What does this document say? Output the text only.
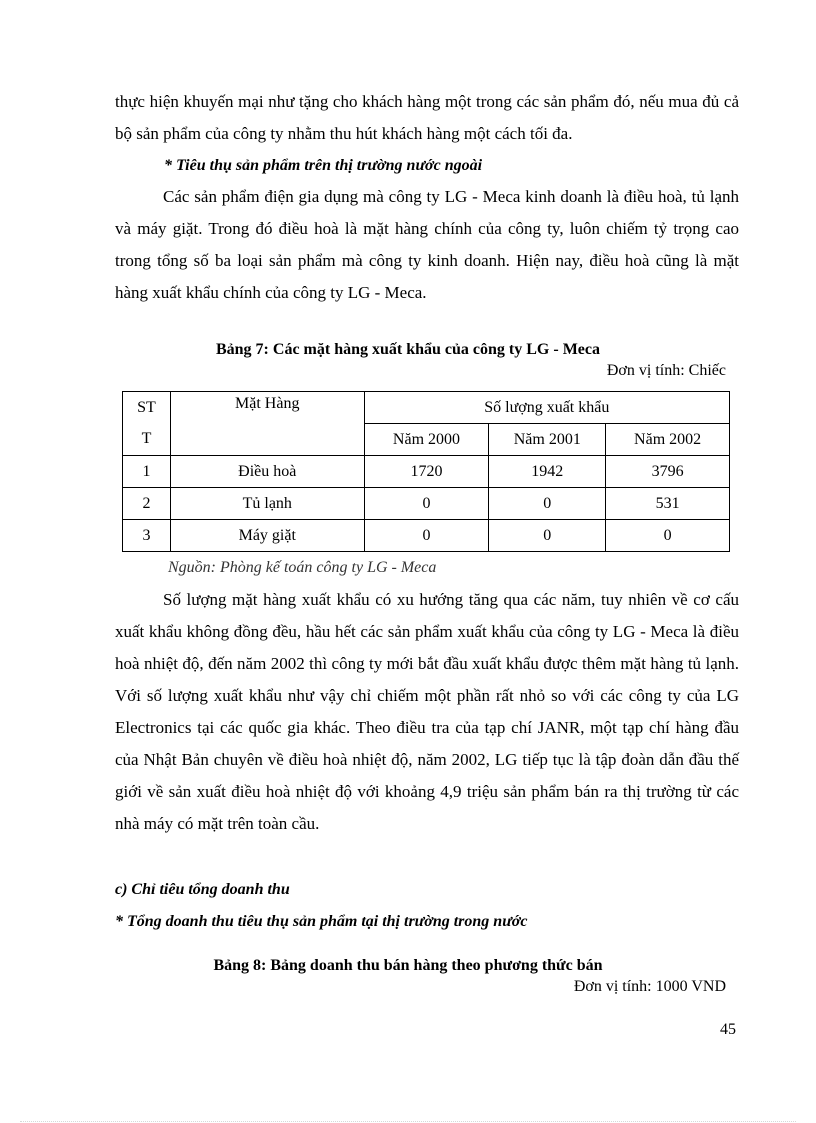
thực hiện khuyến mại như tặng cho khách hàng một trong các sản phẩm đó, nếu mua đủ cả bộ sản phẩm của công ty nhằm thu hút khách hàng một cách tối đa.

* Tiêu thụ sản phẩm trên thị trường nước ngoài

Các sản phẩm điện gia dụng mà công ty LG - Meca kinh doanh là điều hoà, tủ lạnh và máy giặt. Trong đó điều hoà là mặt hàng chính của công ty, luôn chiếm tỷ trọng cao trong tổng số ba loại sản phẩm mà công ty kinh doanh. Hiện nay, điều hoà cũng là mặt hàng xuất khẩu chính của công ty LG - Meca.

Bảng 7: Các mặt hàng xuất khẩu của công ty LG - Meca

Đơn vị tính: Chiếc

ST	Mặt Hàng	Số lượng xuất khẩu		
T		Năm 2000	Năm 2001	Năm 2002
1	Điều hoà	1720	1942	3796
2	Tủ lạnh	0	0	531
3	Máy giặt	0	0	0

Nguồn: Phòng kế toán công ty LG - Meca

Số lượng mặt hàng xuất khẩu có xu hướng tăng qua các năm, tuy nhiên về cơ cấu xuất khẩu không đồng đều, hầu hết các sản phẩm xuất khẩu của công ty LG - Meca là điều hoà nhiệt độ, đến năm 2002 thì công ty mới bắt đầu xuất khẩu được thêm mặt hàng tủ lạnh. Với số lượng xuất khẩu như vậy chỉ chiếm một phần rất nhỏ so với các công ty của LG Electronics tại các quốc gia khác. Theo điều tra của tạp chí JANR, một tạp chí hàng đầu của Nhật Bản chuyên về điều hoà nhiệt độ, năm 2002, LG tiếp tục là tập đoàn dẫn đầu thế giới về sản xuất điều hoà nhiệt độ với khoảng 4,9 triệu sản phẩm bán ra thị trường từ các nhà máy có mặt trên toàn cầu.

c) Chỉ tiêu tổng doanh thu

* Tổng doanh thu tiêu thụ sản phẩm tại thị trường trong nước

Bảng 8: Bảng doanh thu bán hàng theo phương thức bán

Đơn vị tính: 1000 VND

45
